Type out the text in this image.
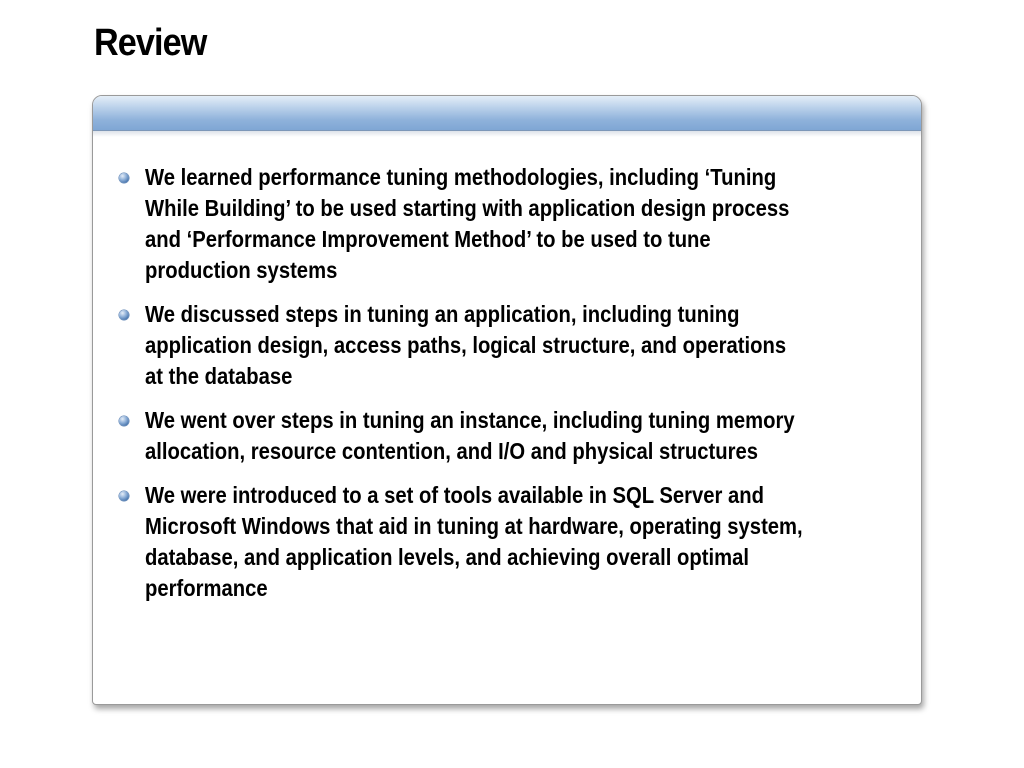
Review
We learned performance tuning methodologies, including ‘Tuning
While Building’ to be used starting with application design process
and ‘Performance Improvement Method’ to be used to tune
production systems
We discussed steps in tuning an application, including tuning
application design, access paths, logical structure, and operations
at the database
We went over steps in tuning an instance, including tuning memory
allocation, resource contention, and I/O and physical structures
We were introduced to a set of tools available in SQL Server and
Microsoft Windows that aid in tuning at hardware, operating system,
database, and application levels, and achieving overall optimal
performance
